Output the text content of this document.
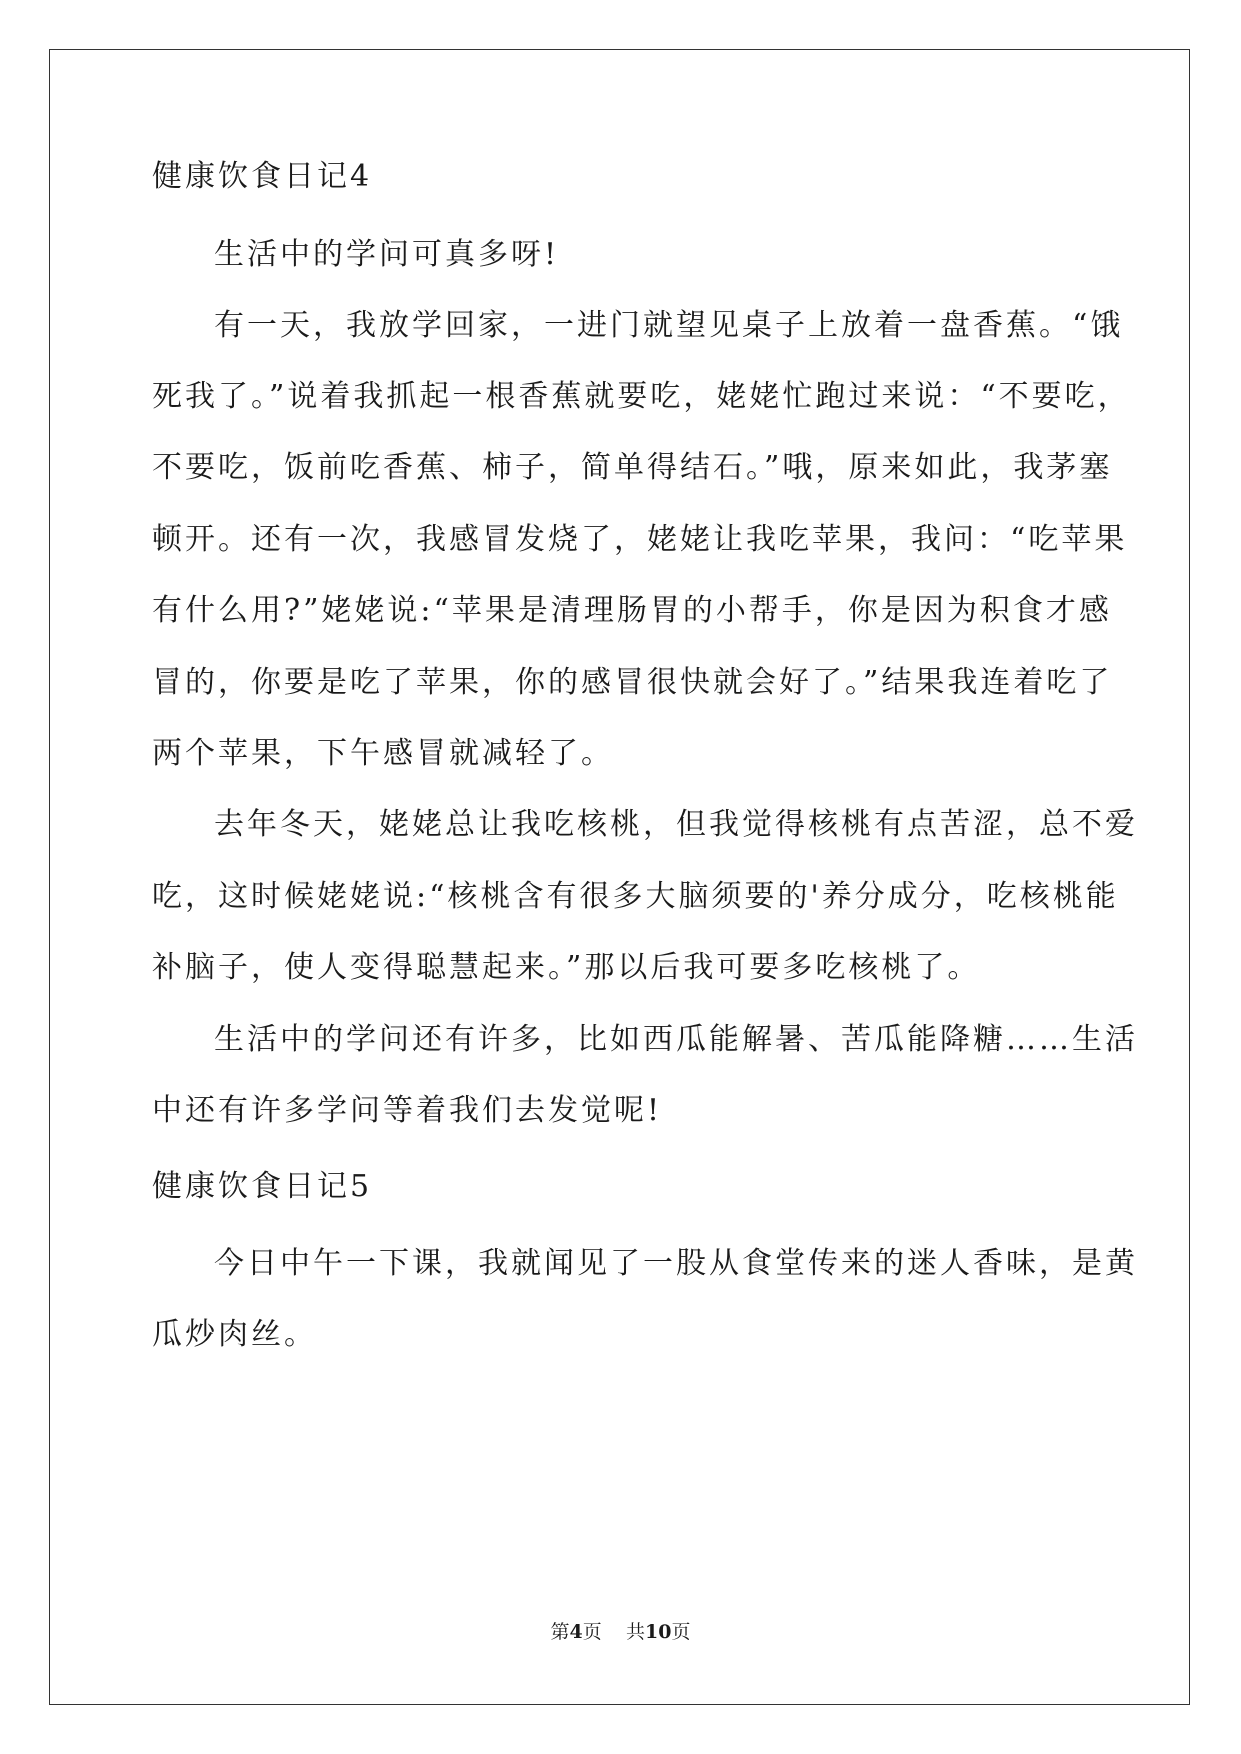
健康饮食日记4
生活中的学问可真多呀!
有一天，我放学回家，一进门就望见桌子上放着一盘香蕉。“饿
死我了。”说着我抓起一根香蕉就要吃，姥姥忙跑过来说：“不要吃，
不要吃，饭前吃香蕉、柿子，简单得结石。”哦，原来如此，我茅塞
顿开。还有一次，我感冒发烧了，姥姥让我吃苹果，我问：“吃苹果
有什么用?”姥姥说:“苹果是清理肠胃的小帮手，你是因为积食才感
冒的，你要是吃了苹果，你的感冒很快就会好了。”结果我连着吃了
两个苹果，下午感冒就减轻了。
去年冬天，姥姥总让我吃核桃，但我觉得核桃有点苦涩，总不爱
吃，这时候姥姥说:“核桃含有很多大脑须要的'养分成分，吃核桃能
补脑子，使人变得聪慧起来。”那以后我可要多吃核桃了。
生活中的学问还有许多，比如西瓜能解暑、苦瓜能降糖……生活
中还有许多学问等着我们去发觉呢!
健康饮食日记5
今日中午一下课，我就闻见了一股从食堂传来的迷人香味，是黄
瓜炒肉丝。
第4页 共10页
